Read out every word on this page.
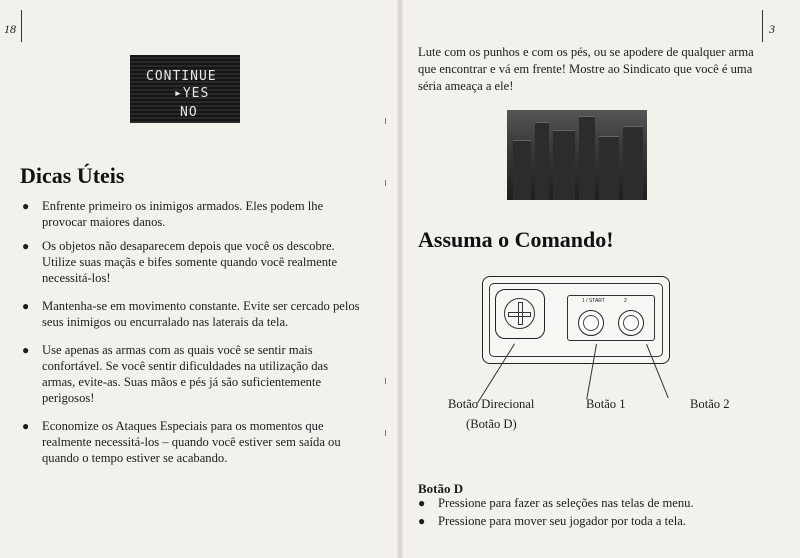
18
CONTINUE
▸YES
NO
Dicas Úteis
● Enfrente primeiro os inimigos armados. Eles podem lhe provocar maiores danos.
● Os objetos não desaparecem depois que você os descobre. Utilize suas maçãs e bifes somente quando você realmente necessitá-los!
● Mantenha-se em movimento constante. Evite ser cercado pelos seus inimigos ou encurralado nas laterais da tela.
● Use apenas as armas com as quais você se sentir mais confortável. Se você sentir dificuldades na utilização das armas, evite-as. Suas mãos e pés já são suficientemente perigosos!
● Economize os Ataques Especiais para os momentos que realmente necessitá-los – quando você estiver sem saída ou quando o tempo estiver se acabando.
3

Lute com os punhos e com os pés, ou se apodere de qualquer arma que encontrar e vá em frente! Mostre ao Sindicato que você é uma séria ameaça a ele!

Assuma o Comando!
1 / START	2
Botão Direcional
(Botão D)
Botão 1	Botão 2
Botão D
● Pressione para fazer as seleções nas telas de menu.
● Pressione para mover seu jogador por toda a tela.
